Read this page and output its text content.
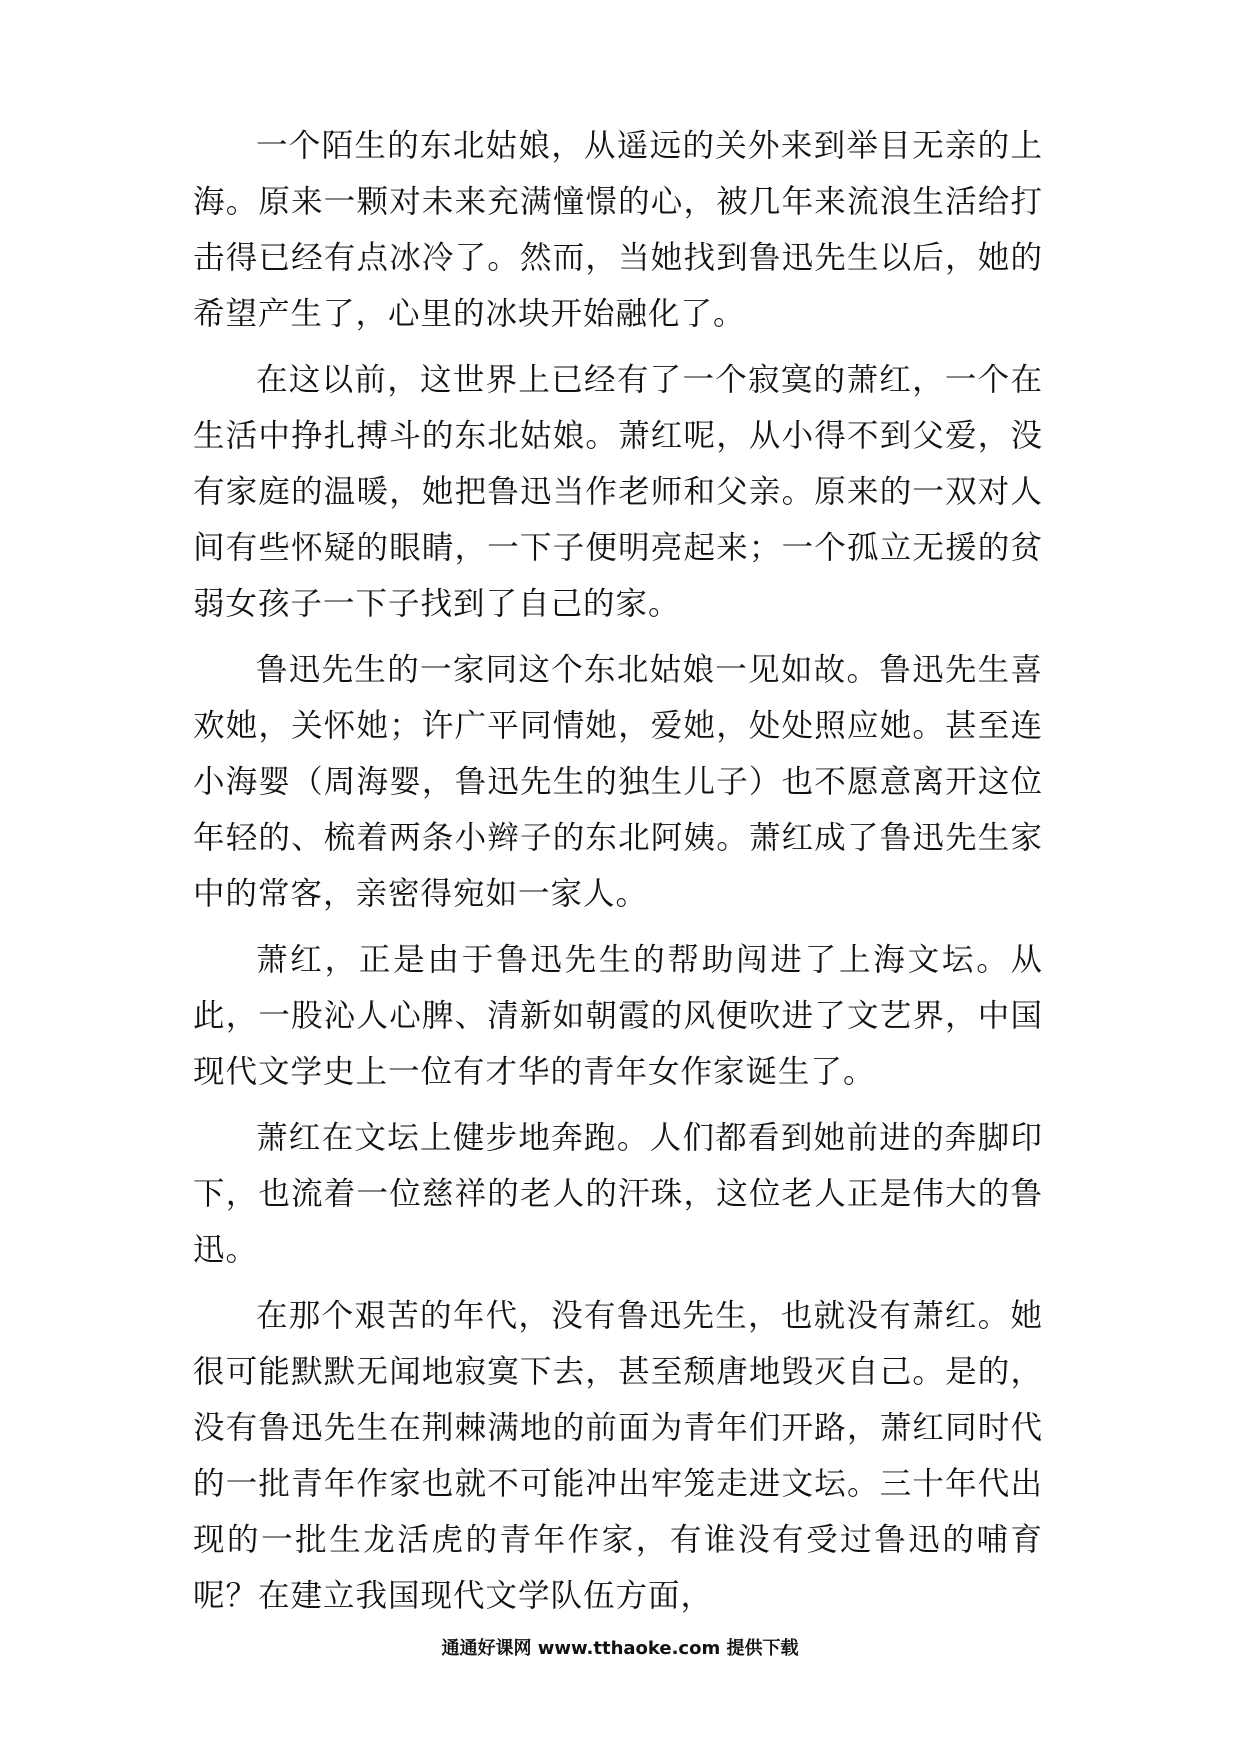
一个陌生的东北姑娘，从遥远的关外来到举目无亲的上海。原来一颗对未来充满憧憬的心，被几年来流浪生活给打击得已经有点冰冷了。然而，当她找到鲁迅先生以后，她的希望产生了，心里的冰块开始融化了。

在这以前，这世界上已经有了一个寂寞的萧红，一个在生活中挣扎搏斗的东北姑娘。萧红呢，从小得不到父爱，没有家庭的温暖，她把鲁迅当作老师和父亲。原来的一双对人间有些怀疑的眼睛，一下子便明亮起来；一个孤立无援的贫弱女孩子一下子找到了自己的家。

鲁迅先生的一家同这个东北姑娘一见如故。鲁迅先生喜欢她，关怀她；许广平同情她，爱她，处处照应她。甚至连小海婴（周海婴，鲁迅先生的独生儿子）也不愿意离开这位年轻的、梳着两条小辫子的东北阿姨。萧红成了鲁迅先生家中的常客，亲密得宛如一家人。

萧红，正是由于鲁迅先生的帮助闯进了上海文坛。从此，一股沁人心脾、清新如朝霞的风便吹进了文艺界，中国现代文学史上一位有才华的青年女作家诞生了。

萧红在文坛上健步地奔跑。人们都看到她前进的奔脚印下，也流着一位慈祥的老人的汗珠，这位老人正是伟大的鲁迅。

在那个艰苦的年代，没有鲁迅先生，也就没有萧红。她很可能默默无闻地寂寞下去，甚至颓唐地毁灭自己。是的，没有鲁迅先生在荆棘满地的前面为青年们开路，萧红同时代的一批青年作家也就不可能冲出牢笼走进文坛。三十年代出现的一批生龙活虎的青年作家，有谁没有受过鲁迅的哺育呢？在建立我国现代文学队伍方面，

通通好课网 www.tthaoke.com 提供下载
